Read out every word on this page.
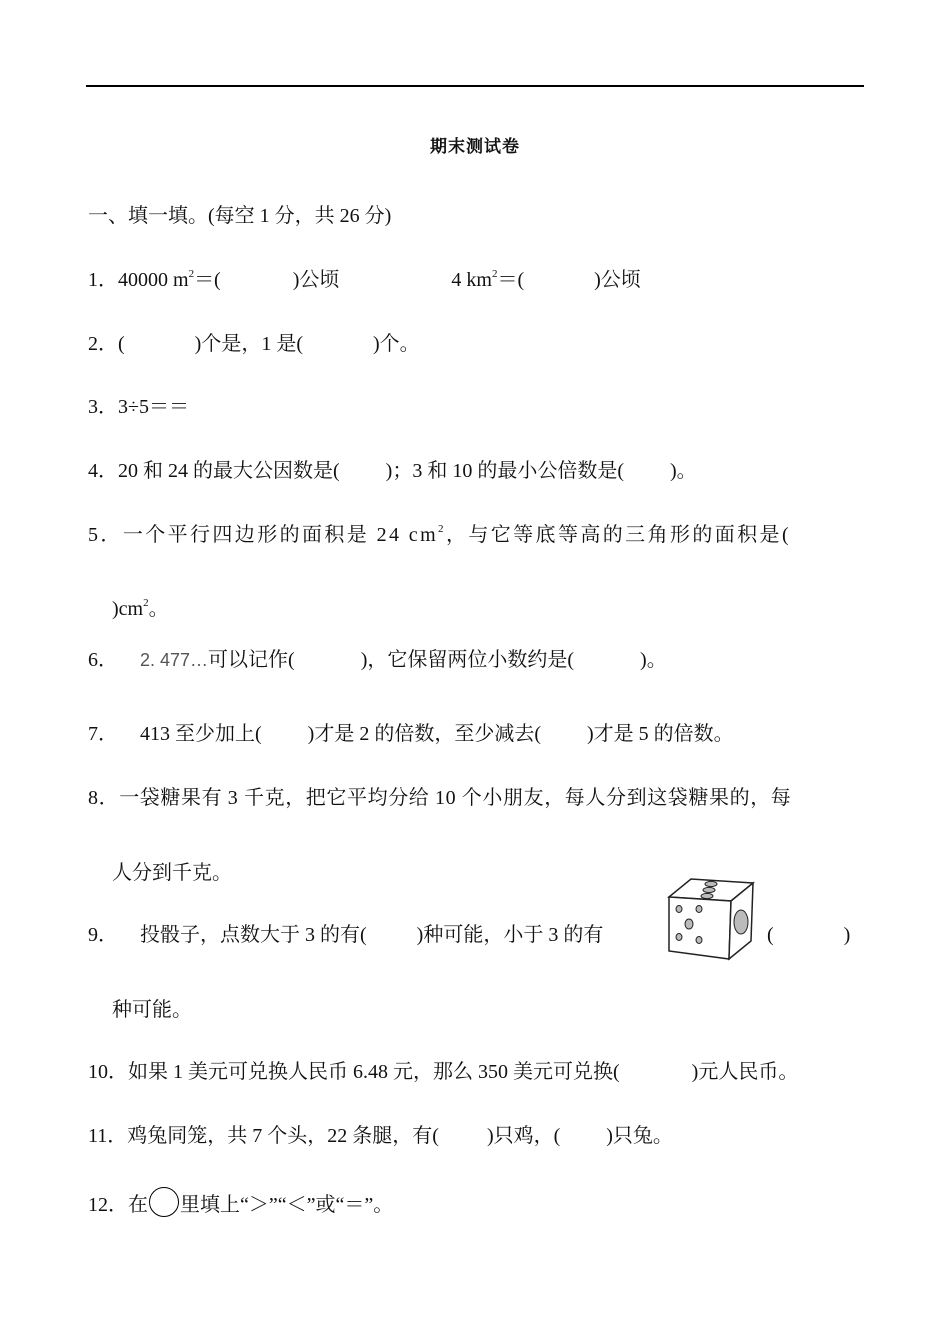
期末测试卷
一、填一填。(每空 1 分，共 26 分)
1．40000 $m^2=$(	)公顷	4 $km^2=$(	)公顷
2．(	)个是，1 是(	)个。
3．3÷5＝＝
4．20 和 24 的最大公因数是( )；3 和 10 的最小公倍数是( )。
5．一个平行四边形的面积是 24 $cm^2$，与它等底等高的三角形的面积是(
)$cm^2$。
6． 2. 477…可以记作(	)，它保留两位小数约是(	)。
7． 413 至少加上( )才是 2 的倍数，至少减去( )才是 5 的倍数。
8．一袋糖果有 3 千克，把它平均分给 10 个小朋友，每人分到这袋糖果的，每
人分到千克。
9． 投骰子，点数大于 3 的有(	)种可能，小于 3 的有	(	)
种可能。
10．如果 1 美元可兑换人民币 6.48 元，那么 350 美元可兑换(	)元人民币。
11．鸡兔同笼，共 7 个头，22 条腿，有( )只鸡，( )只兔。
12．在 里填上“＞”“＜”或“＝”。
